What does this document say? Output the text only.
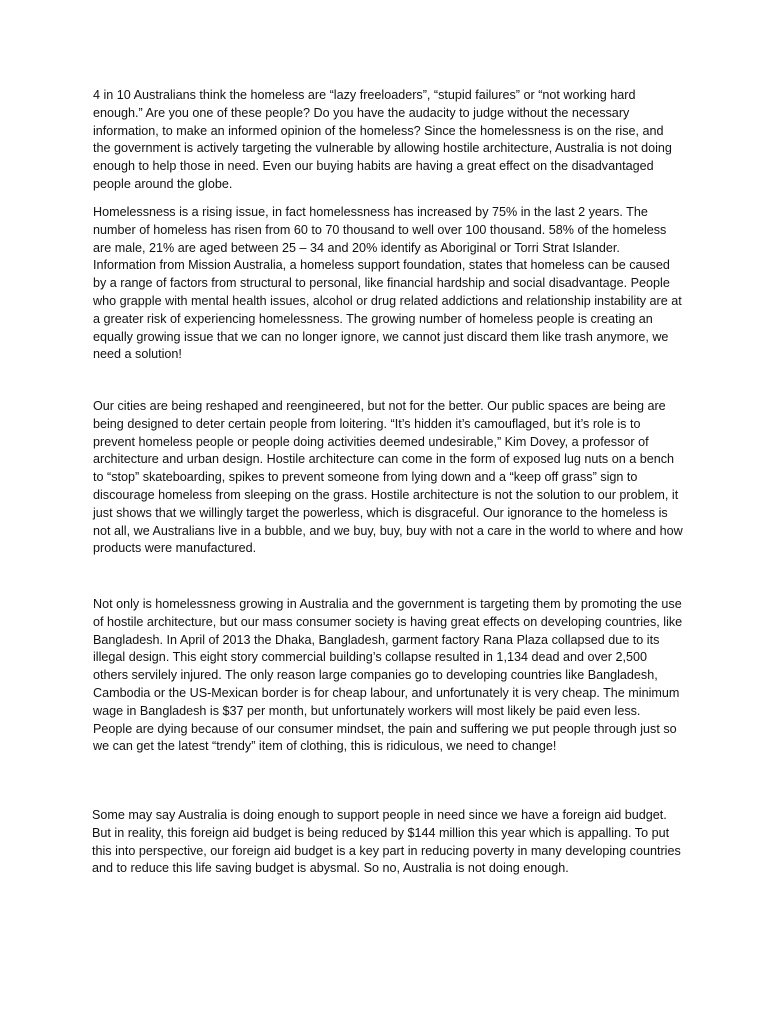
4 in 10 Australians think the homeless are “lazy freeloaders”, “stupid failures” or “not working hard enough.” Are you one of these people? Do you have the audacity to judge without the necessary information, to make an informed opinion of the homeless? Since the homelessness is on the rise, and the government is actively targeting the vulnerable by allowing hostile architecture, Australia is not doing enough to help those in need. Even our buying habits are having a great effect on the disadvantaged people around the globe.

Homelessness is a rising issue, in fact homelessness has increased by 75% in the last 2 years. The number of homeless has risen from 60 to 70 thousand to well over 100 thousand. 58% of the homeless are male, 21% are aged between 25 – 34 and 20% identify as Aboriginal or Torri Strat Islander. Information from Mission Australia, a homeless support foundation, states that homeless can be caused by a range of factors from structural to personal, like financial hardship and social disadvantage. People who grapple with mental health issues, alcohol or drug related addictions and relationship instability are at a greater risk of experiencing homelessness. The growing number of homeless people is creating an equally growing issue that we can no longer ignore, we cannot just discard them like trash anymore, we need a solution!

Our cities are being reshaped and reengineered, but not for the better. Our public spaces are being are being designed to deter certain people from loitering. “It’s hidden it’s camouflaged, but it’s role is to prevent homeless people or people doing activities deemed undesirable,” Kim Dovey, a professor of architecture and urban design. Hostile architecture can come in the form of exposed lug nuts on a bench to “stop” skateboarding, spikes to prevent someone from lying down and a “keep off grass” sign to discourage homeless from sleeping on the grass. Hostile architecture is not the solution to our problem, it just shows that we willingly target the powerless, which is disgraceful. Our ignorance to the homeless is not all, we Australians live in a bubble, and we buy, buy, buy with not a care in the world to where and how products were manufactured.

Not only is homelessness growing in Australia and the government is targeting them by promoting the use of hostile architecture, but our mass consumer society is having great effects on developing countries, like Bangladesh. In April of 2013 the Dhaka, Bangladesh, garment factory Rana Plaza collapsed due to its illegal design. This eight story commercial building’s collapse resulted in 1,134 dead and over 2,500 others servilely injured. The only reason large companies go to developing countries like Bangladesh, Cambodia or the US-Mexican border is for cheap labour, and unfortunately it is very cheap. The minimum wage in Bangladesh is $37 per month, but unfortunately workers will most likely be paid even less. People are dying because of our consumer mindset, the pain and suffering we put people through just so we can get the latest “trendy” item of clothing, this is ridiculous, we need to change!

Some may say Australia is doing enough to support people in need since we have a foreign aid budget. But in reality, this foreign aid budget is being reduced by $144 million this year which is appalling. To put this into perspective, our foreign aid budget is a key part in reducing poverty in many developing countries and to reduce this life saving budget is abysmal. So no, Australia is not doing enough.
